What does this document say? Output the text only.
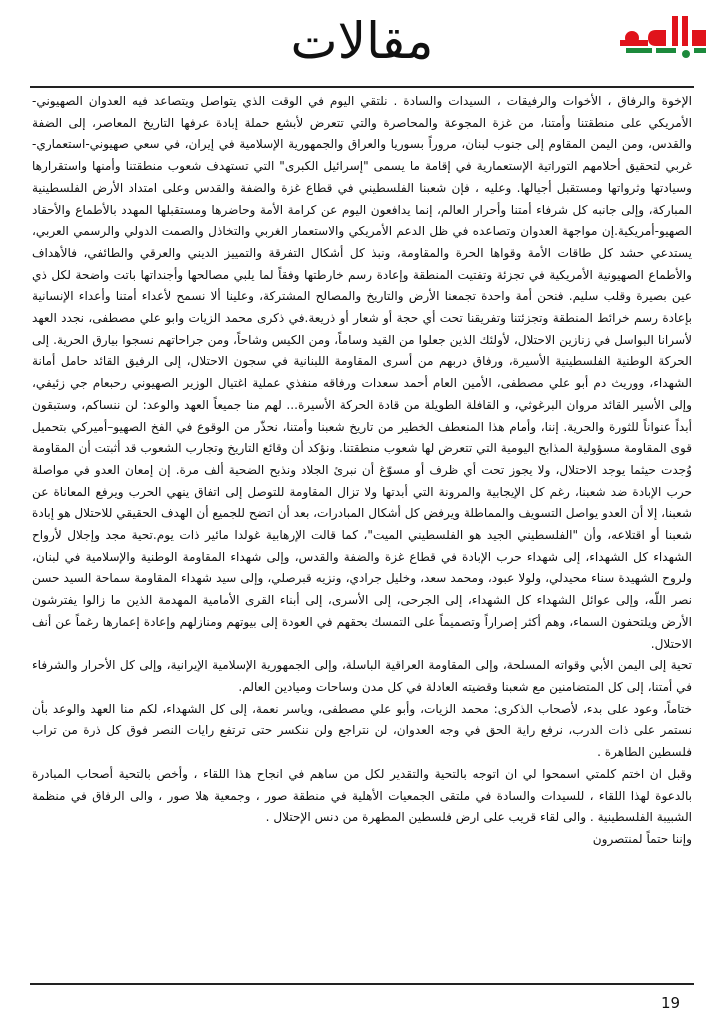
مقالات

الإخوة والرفاق ، الأخوات والرفيقات ، السيدات والسادة . نلتقي اليوم في الوقت الذي يتواصل ويتصاعد فيه العدوان الصهيوني-الأمريكي على منطقتنا وأمتنا، من غزة المجوعة والمحاصرة والتي تتعرض لأبشع حملة إبادة عرفها التاريخ المعاصر، إلى الضفة والقدس، ومن اليمن المقاوم إلى جنوب لبنان، مروراً بسوريا والعراق والجمهورية الإسلامية في إيران، في سعي صهيوني-استعماري-غربي لتحقيق أحلامهم التوراتية الإستعمارية في إقامة ما يسمى "إسرائيل الكبرى" التي تستهدف شعوب منطقتنا وأمنها واستقرارها وسيادتها وثرواتها ومستقبل أجيالها. وعليه ، فإن شعبنا الفلسطيني في قطاع غزة والضفة والقدس وعلى امتداد الأرض الفلسطينية المباركة، وإلى جانبه كل شرفاء أمتنا وأحرار العالم، إنما يدافعون اليوم عن كرامة الأمة وحاضرها ومستقبلها المهدد بالأطماع والأحقاد الصهيو-أمريكية.إن مواجهة العدوان وتصاعده في ظل الدعم الأمريكي والاستعمار الغربي والتخاذل والصمت الدولي والرسمي العربي، يستدعي حشد كل طاقات الأمة وقواها الحرة والمقاومة، ونبذ كل أشكال التفرقة والتمييز الديني والعرقي والطائفي، فالأهداف والأطماع الصهيونية الأمريكية في تجزئة وتفتيت المنطقة وإعادة رسم خارطتها وفقاً لما يلبي مصالحها وأجنداتها باتت واضحة لكل ذي عين بصيرة وقلب سليم. فنحن أمة واحدة تجمعنا الأرض والتاريخ والمصالح المشتركة، وعلينا ألا نسمح لأعداء أمتنا وأعداء الإنسانية بإعادة رسم خرائط المنطقة وتجزئتنا وتفريقنا تحت أي حجة أو شعار أو ذريعة.في ذكرى محمد الزيات وابو علي مصطفى، نجدد العهد لأسرانا البواسل في زنازين الاحتلال، لأولئك الذين جعلوا من القيد وساماً، ومن الكيس وشاحاً، ومن جراحاتهم نسجوا بيارق الحرية. إلى الحركة الوطنية الفلسطينية الأسيرة، ورفاق دربهم من أسرى المقاومة اللبنانية في سجون الاحتلال، إلى الرفيق القائد حامل أمانة الشهداء، ووريث دم أبو علي مصطفى، الأمين العام أحمد سعدات ورفاقه منفذي عملية اغتيال الوزير الصهيوني رحبعام جي زئيفي، وإلى الأسير القائد مروان البرغوثي، و القافلة الطويلة من قادة الحركة الأسيرة... لهم منا جميعاً العهد والوعد: لن ننساكم، وستبقون أبداً عنواناً للثورة والحرية. إننا، وأمام هذا المنعطف الخطير من تاريخ شعبنا وأمتنا، نحذّر من الوقوع في الفخ الصهيو–أميركي بتحميل قوى المقاومة مسؤولية المذابح اليومية التي تتعرض لها شعوب منطقتنا. ونؤكد أن وقائع التاريخ وتجارب الشعوب قد أثبتت أن المقاومة وُجدت حيثما يوجد الاحتلال، ولا يجوز تحت أي ظرف أو مسوّغ أن نبرئ الجلاد ونذبح الضحية ألف مرة. إن إمعان العدو في مواصلة حرب الإبادة ضد شعبنا، رغم كل الإيجابية والمرونة التي أبدتها ولا تزال المقاومة للتوصل إلى اتفاق ينهي الحرب ويرفع المعاناة عن شعبنا، إلا أن العدو يواصل التسويف والمماطلة ويرفض كل أشكال المبادرات، بعد أن اتضح للجميع أن الهدف الحقيقي للاحتلال هو إبادة شعبنا أو اقتلاعه، وأن "الفلسطيني الجيد هو الفلسطيني الميت"، كما قالت الإرهابية غولدا مائير ذات يوم.تحية مجد وإجلال لأرواح الشهداء كل الشهداء، إلى شهداء حرب الإبادة في قطاع غزة والضفة والقدس، وإلى شهداء المقاومة الوطنية والإسلامية في لبنان، ولروح الشهيدة سناء محيدلي، ولولا عبود، ومحمد سعد، وخليل جرادي، ونزيه قبرصلي، وإلى سيد شهداء المقاومة سماحة السيد حسن نصر اللّه، وإلى عوائل الشهداء كل الشهداء، إلى الجرحى، إلى الأسرى، إلى أبناء القرى الأمامية المهدمة الذين ما زالوا يفترشون الأرض ويلتحفون السماء، وهم أكثر إصراراً وتصميماً على التمسك بحقهم في العودة إلى بيوتهم ومنازلهم وإعادة إعمارها رغماً عن أنف الاحتلال.

تحية إلى اليمن الأبي وقواته المسلحة، وإلى المقاومة العراقية الباسلة، وإلى الجمهورية الإسلامية الإيرانية، وإلى كل الأحرار والشرفاء في أمتنا، إلى كل المتضامنين مع شعبنا وقضيته العادلة في كل مدن وساحات وميادين العالم.

ختاماً، وعود على بدء، لأصحاب الذكرى: محمد الزيات، وأبو علي مصطفى، وياسر نعمة، إلى كل الشهداء، لكم منا العهد والوعد بأن نستمر على ذات الدرب، نرفع راية الحق في وجه العدوان، لن نتراجع ولن ننكسر حتى ترتفع رايات النصر فوق كل ذرة من تراب فلسطين الطاهرة .

وقبل ان اختم كلمتي اسمحوا لي ان اتوجه بالتحية والتقدير لكل من ساهم في انجاح هذا اللقاء ، وأخص بالتحية أصحاب المبادرة بالدعوة لهذا اللقاء ، للسيدات والسادة في ملتقى الجمعيات الأهلية في منطقة صور ، وجمعية هلا صور ، والى الرفاق في منظمة الشبيبة الفلسطينية . والى لقاء قريب على ارض فلسطين المطهرة من دنس الإحتلال .

وإننا حتماً لمنتصرون

19
